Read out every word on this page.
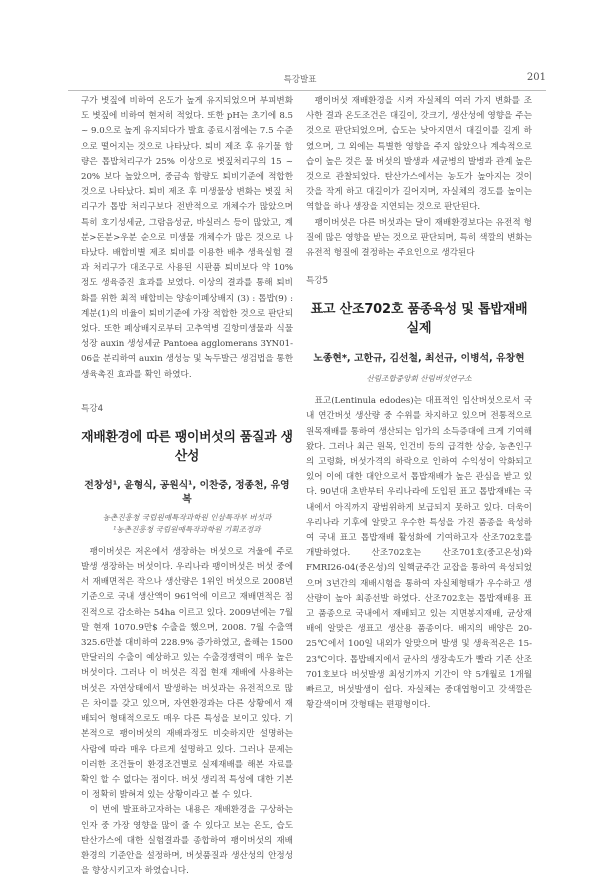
특강발표	201

구가 볏짚에 비하여 온도가 높게 유지되었으며 부피변화도 볏짚에 비하여 현저히 적었다. 또한 pH는 초기에 8.5 ~ 9.0으로 높게 유지되다가 발효 종료시점에는 7.5 수준으로 떨어지는 것으로 나타났다. 퇴비 제조 후 유기물 함량은 톱밥처리구가 25% 이상으로 볏짚처리구의 15 ~ 20% 보다 높았으며, 중금속 함량도 퇴비기준에 적합한 것으로 나타났다. 퇴비 제조 후 미생물상 변화는 볏짚 처리구가 톱밥 처리구보다 전반적으로 개체수가 많았으며 특히 호기성세균, 그람음성균, 바실러스 등이 많았고, 계분>돈분>우분 순으로 미생물 개체수가 많은 것으로 나타났다. 배합비별 제조 퇴비를 이용한 배추 생육실험 결과 처리구가 대조구로 사용된 시판품 퇴비보다 약 10% 정도 생육증진 효과를 보였다. 이상의 결과를 통해 퇴비화를 위한 최적 배합비는 양송이폐상배지 (3) : 톱밥(9) : 계분(1)의 비율이 퇴비기준에 가장 적합한 것으로 판단되었다. 또한 폐상배지로부터 고추역병 길항미생물과 식물성장 auxin 생성세균 Pantoea agglomerans 3YN01-06을 분리하여 auxin 생성능 및 녹두발근 생검법을 통한 생육촉진 효과를 확인 하였다.

특강4

재배환경에 따른 팽이버섯의 품질과 생산성

전창성¹, 윤형식, 공원식¹, 이찬중, 정종천, 유영복

농촌진흥청 국립원예특작과학원 인삼특작부 버섯과

¹농촌진흥청 국립원예특작과학원 기획조정과

팽이버섯은 저온에서 생장하는 버섯으로 겨울에 주로 발생 생장하는 버섯이다. 우리나라 팽이버섯은 버섯 중에서 재배면적은 작으나 생산량은 1위인 버섯으로 2008년 기준으로 국내 생산액이 961억에 이르고 재배면적은 점진적으로 감소하는 54ha 이르고 있다. 2009년에는 7월말 현재 1070.9만$ 수출을 했으며, 2008. 7월 수출액 325.6만불 대비하여 228.9% 증가하였고, 올해는 1500만달러의 수출이 예상하고 있는 수출경쟁력이 매우 높은 버섯이다. 그러나 이 버섯은 직접 현재 재배에 사용하는 버섯은 자연상태에서 발생하는 버섯과는 유전적으로 많은 차이를 갖고 있으며, 자연환경과는 다른 상황에서 재배되어 형태적으로도 매우 다른 특성을 보이고 있다. 기본적으로 팽이버섯의 재배과정도 비슷하지만 설명하는 사람에 따라 매우 다르게 설명하고 있다. 그러나 문제는 이러한 조건들이 환경조건별로 실제재배를 해본 자료를 확인 할 수 없다는 점이다. 버섯 생리적 특성에 대한 기본이 정확히 밝혀져 있는 상황이라고 볼 수 있다.

이 번에 발표하고자하는 내용은 재배환경을 구상하는 인자 중 가장 영향을 많이 줄 수 있다고 보는 온도, 습도 탄산가스에 대한 실험결과를 종합하여 팽이버섯의 재배환경의 기준안을 설정하며, 버섯품질과 생산성의 안정성을 향상시키고자 하였습니다.

팽이버섯 재배환경을 시켜 자실체의 여러 가지 변화를 조사한 결과 온도조건은 대길이, 갓크기, 생산성에 영향을 주는 것으로 판단되었으며, 습도는 낮아지면서 대길이를 길게 하였으며, 그 외에는 특별한 영향을 주지 않았으나 계속적으로 습이 높은 것은 물 버섯의 발생과 세균병의 발병과 관계 높은 것으로 관찰되었다. 탄산가스에서는 농도가 높아지는 것이 갓을 작게 하고 대길이가 길어지며, 자실체의 경도를 높이는 역할을 하나 생장을 지연되는 것으로 판단된다.

팽이버섯은 다른 버섯과는 달이 재배환경보다는 유전적 형질에 많은 영향을 받는 것으로 판단되며, 특히 색깔의 변화는 유전적 형질에 결정하는 주요인으로 생각된다

특강5

표고 산조702호 품종육성 및 톱밥재배 실제

노종현*, 고한규, 김선철, 최선규, 이병석, 유창현

산림조합중앙회 산림버섯연구소

표고(Lentinula edodes)는 대표적인 임산버섯으로서 국내 연간버섯 생산량 중 수위를 차지하고 있으며 전통적으로 원목재배를 통하여 생산되는 임가의 소득증대에 크게 기여해 왔다. 그러나 최근 원목, 인건비 등의 급격한 상승, 농촌인구의 고령화, 버섯가격의 하락으로 인하여 수익성이 악화되고 있어 이에 대한 대안으로서 톱밥재배가 높은 관심을 받고 있다. 90년대 초반부터 우리나라에 도입된 표고 톱밥재배는 국내에서 아직까지 광범위하게 보급되지 못하고 있다. 더욱이 우리나라 기후에 알맞고 우수한 특성을 가진 품종을 육성하여 국내 표고 톱밥재배 활성화에 기여하고자 산조702호를 개발하였다. 산조702호는 산조701호(중고온성)와 FMRI26-04(중온성)의 일핵균주간 교잡을 통하여 육성되었으며 3년간의 재배시험을 통하여 자실체형태가 우수하고 생산량이 높아 최종선발 하였다. 산조702호는 톱밥재배용 표고 품종으로 국내에서 재배되고 있는 지면봉지재배, 균상재배에 알맞은 생표고 생산용 품종이다. 배지의 배양은 20-25℃에서 100일 내외가 알맞으며 발생 및 생육적온은 15-23℃이다. 톱밥배지에서 균사의 생장속도가 빨라 기존 산조701호보다 버섯발생 최성기까지 기간이 약 5개월로 1개월 빠르고, 버섯발생이 쉽다. 자실체는 중대엽형이고 갓색깔은 황갈색이며 갓형태는 편평형이다.
